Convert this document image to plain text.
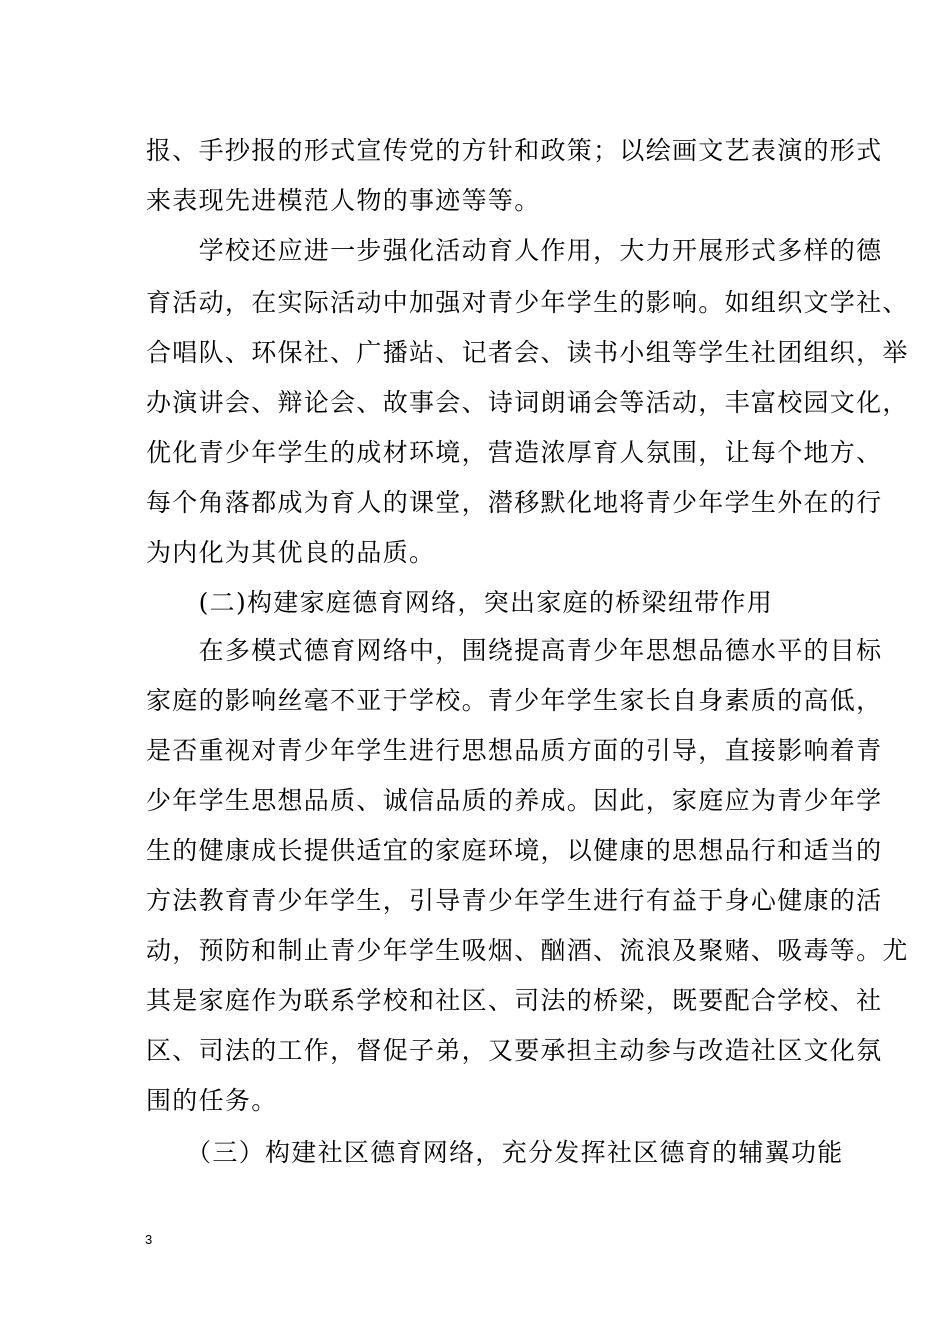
报、手抄报的形式宣传党的方针和政策；以绘画文艺表演的形式
来表现先进模范人物的事迹等等。
　　学校还应进一步强化活动育人作用，大力开展形式多样的德
育活动，在实际活动中加强对青少年学生的影响。如组织文学社、
合唱队、环保社、广播站、记者会、读书小组等学生社团组织，举
办演讲会、辩论会、故事会、诗词朗诵会等活动，丰富校园文化，
优化青少年学生的成材环境，营造浓厚育人氛围，让每个地方、
每个角落都成为育人的课堂，潜移默化地将青少年学生外在的行
为内化为其优良的品质。
　　(二)构建家庭德育网络，突出家庭的桥梁纽带作用
　　在多模式德育网络中，围绕提高青少年思想品德水平的目标
家庭的影响丝毫不亚于学校。青少年学生家长自身素质的高低，
是否重视对青少年学生进行思想品质方面的引导，直接影响着青
少年学生思想品质、诚信品质的养成。因此，家庭应为青少年学
生的健康成长提供适宜的家庭环境，以健康的思想品行和适当的
方法教育青少年学生，引导青少年学生进行有益于身心健康的活
动，预防和制止青少年学生吸烟、酗酒、流浪及聚赌、吸毒等。尤
其是家庭作为联系学校和社区、司法的桥梁，既要配合学校、社
区、司法的工作，督促子弟，又要承担主动参与改造社区文化氛
围的任务。
　　（三）构建社区德育网络，充分发挥社区德育的辅翼功能
3
